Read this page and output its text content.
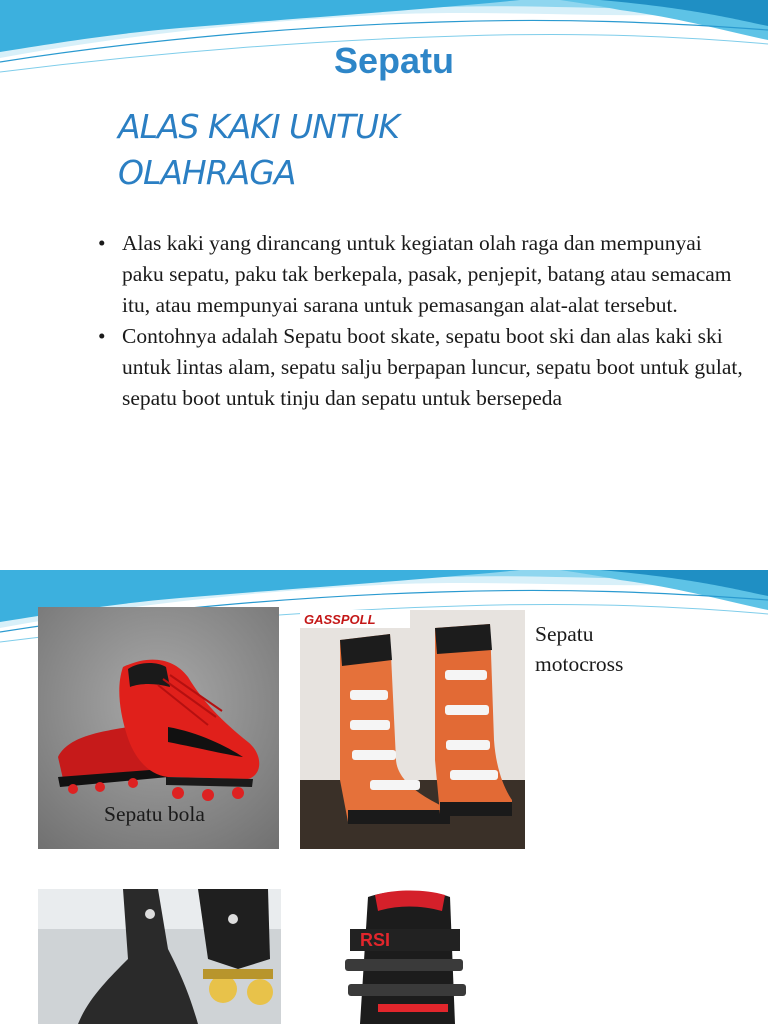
Sepatu
ALAS KAKI UNTUK
OLAHRAGA
• Alas kaki yang dirancang untuk kegiatan olah raga dan mempunyai paku sepatu, paku tak berkepala, pasak, penjepit, batang atau semacam itu, atau mempunyai sarana untuk pemasangan alat-alat tersebut.
• Contohnya adalah Sepatu boot skate, sepatu boot ski dan alas kaki ski untuk lintas alam, sepatu salju berpapan luncur, sepatu boot untuk gulat, sepatu boot untuk tinju dan sepatu untuk bersepeda
Sepatu bola
GASSPOLL
Sepatu motocross
RSI
